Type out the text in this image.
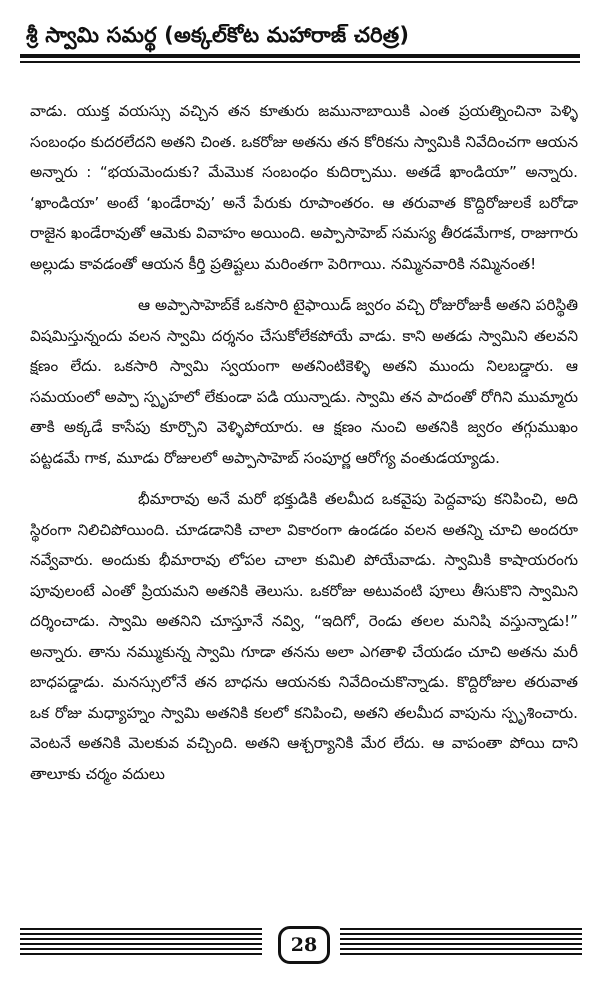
శ్రీ స్వామి సమర్థ (అక్కల్‌కోట మహారాజ్ చరిత్ర)

వాడు. యుక్త వయస్సు వచ్చిన తన కూతురు జమునాబాయికి ఎంత ప్రయత్నించినా పెళ్ళి సంబంధం కుదరలేదని అతని చింత. ఒకరోజు అతను తన కోరికను స్వామికి నివేదించగా ఆయన అన్నారు : “భయమెందుకు? మేమొక సంబంధం కుదిర్చాము. అతడే ఖాండియా” అన్నారు. ‘ఖాండియా’ అంటే ‘ఖండేరావు’ అనే పేరుకు రూపాంతరం. ఆ తరువాత కొద్దిరోజులకే బరోడా రాజైన ఖండేరావుతో ఆమెకు వివాహం అయింది. అప్పాసాహెబ్ సమస్య తీరడమేగాక, రాజుగారు అల్లుడు కావడంతో ఆయన కీర్తి ప్రతిష్టలు మరింతగా పెరిగాయి. నమ్మినవారికి నమ్మినంత!

ఆ అప్పాసాహెబ్‌కే ఒకసారి టైఫాయిడ్ జ్వరం వచ్చి రోజురోజుకీ అతని పరిస్థితి విషమిస్తున్నందు వలన స్వామి దర్శనం చేసుకోలేకపోయే వాడు. కాని అతడు స్వామిని తలవని క్షణం లేదు. ఒకసారి స్వామి స్వయంగా అతనింటికెళ్ళి అతని ముందు నిలబడ్డారు. ఆ సమయంలో అప్పా స్పృహలో లేకుండా పడి యున్నాడు. స్వామి తన పాదంతో రోగిని ముమ్మారు తాకి అక్కడే కాసేపు కూర్చొని వెళ్ళిపోయారు. ఆ క్షణం నుంచి అతనికి జ్వరం తగ్గుముఖం పట్టడమే గాక, మూడు రోజులలో అప్పాసాహెబ్ సంపూర్ణ ఆరోగ్య వంతుడయ్యాడు.

భీమారావు అనే మరో భక్తుడికి తలమీద ఒకవైపు పెద్దవాపు కనిపించి, అది స్థిరంగా నిలిచిపోయింది. చూడడానికి చాలా వికారంగా ఉండడం వలన అతన్ని చూచి అందరూ నవ్వేవారు. అందుకు భీమారావు లోపల చాలా కుమిలి పోయేవాడు. స్వామికి కాషాయరంగు పూవులంటే ఎంతో ప్రియమని అతనికి తెలుసు. ఒకరోజు అటువంటి పూలు తీసుకొని స్వామిని దర్శించాడు. స్వామి అతనిని చూస్తూనే నవ్వి, “ఇదిగో, రెండు తలల మనిషి వస్తున్నాడు!” అన్నారు. తాను నమ్ముకున్న స్వామి గూడా తనను అలా ఎగతాళి చేయడం చూచి అతను మరీ బాధపడ్డాడు. మనస్సులోనే తన బాధను ఆయనకు నివేదించుకొన్నాడు. కొద్దిరోజుల తరువాత ఒక రోజు మధ్యాహ్నం స్వామి అతనికి కలలో కనిపించి, అతని తలమీద వాపును స్పృశించారు. వెంటనే అతనికి మెలకువ వచ్చింది. అతని ఆశ్చర్యానికి మేర లేదు. ఆ వాపంతా పోయి దాని తాలూకు చర్మం వదులు

28
